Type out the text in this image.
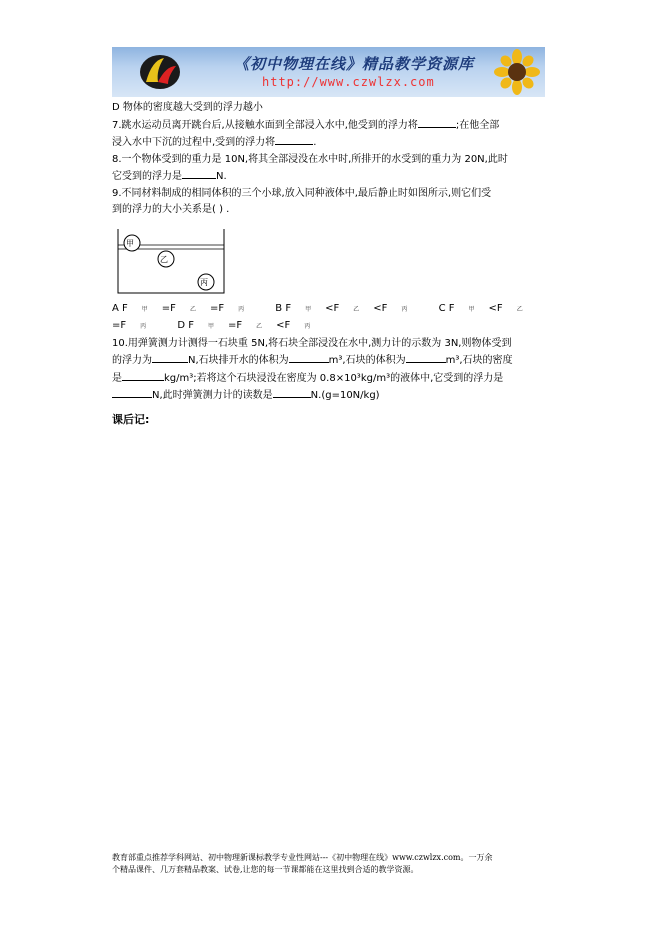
《初中物理在线》精品教学资源库
http://www.czwlzx.com

D 物体的密度越大受到的浮力越小

7.跳水运动员离开跳台后,从接触水面到全部浸入水中,他受到的浮力将	;在他全部
浸入水中下沉的过程中,受到的浮力将	.

8.一个物体受到的重力是 10N,将其全部浸没在水中时,所排开的水受到的重力为 20N,此时
它受到的浮力是	N.

9.不同材料制成的相同体积的三个小球,放入同种液体中,最后静止时如图所示,则它们受
到的浮力的大小关系是( ) .

甲
乙
丙

A F 甲 =F 乙 =F 丙	B F 甲 <F 乙 <F 丙	C F 甲 <F 乙=F 丙	D F 甲 =F 乙 <F 丙

10.用弹簧测力计测得一石块重 5N,将石块全部浸没在水中,测力计的示数为 3N,则物体受到
的浮力为	N,石块排开水的体积为	m³,石块的体积为	m³,石块的密度
是	kg/m³;若将这个石块浸没在密度为 0.8×10³kg/m³的液体中,它受到的浮力是
N,此时弹簧测力计的读数是	N.(g=10N/kg)

课后记:
教育部重点推荐学科网站、初中物理新课标教学专业性网站---《初中物理在线》www.czwlzx.com。一万余
个精品课件、几万套精品教案、试卷,让您的每一节课都能在这里找到合适的教学资源。
